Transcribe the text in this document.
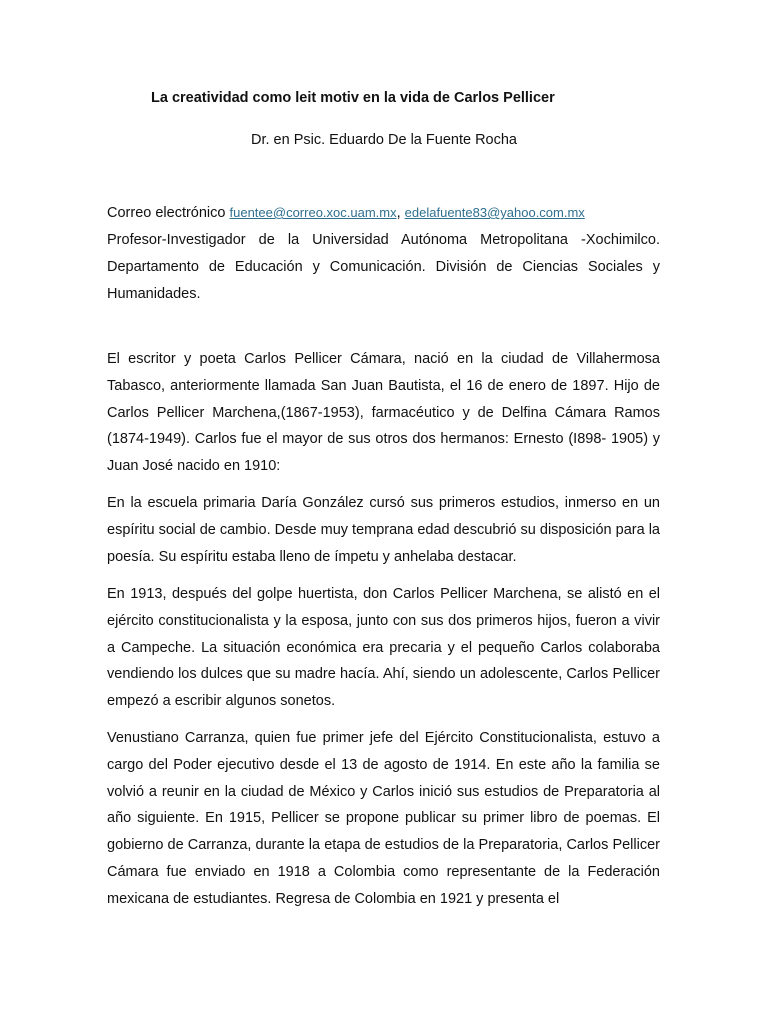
La creatividad como leit motiv en la vida de Carlos Pellicer

Dr. en Psic. Eduardo De la Fuente Rocha

Correo electrónico fuentee@correo.xoc.uam.mx, edelafuente83@yahoo.com.mx

Profesor-Investigador de la Universidad Autónoma Metropolitana -Xochimilco. Departamento de Educación y Comunicación. División de Ciencias Sociales y Humanidades.

El escritor y poeta Carlos Pellicer Cámara, nació en la ciudad de Villahermosa Tabasco, anteriormente llamada San Juan Bautista, el 16 de enero de 1897. Hijo de Carlos Pellicer Marchena,(1867-1953), farmacéutico y de Delfina Cámara Ramos (1874-1949). Carlos fue el mayor de sus otros dos hermanos: Ernesto (I898- 1905) y Juan José nacido en 1910:

En la escuela primaria Daría González cursó sus primeros estudios, inmerso en un espíritu social de cambio. Desde muy temprana edad descubrió su disposición para la poesía. Su espíritu estaba lleno de ímpetu y anhelaba destacar.

En 1913, después del golpe huertista, don Carlos Pellicer Marchena, se alistó en el ejército constitucionalista y la esposa, junto con sus dos primeros hijos, fueron a vivir a Campeche. La situación económica era precaria y el pequeño Carlos colaboraba vendiendo los dulces que su madre hacía. Ahí, siendo un adolescente, Carlos Pellicer empezó a escribir algunos sonetos.

Venustiano Carranza, quien fue primer jefe del Ejército Constitucionalista, estuvo a cargo del Poder ejecutivo desde el 13 de agosto de 1914. En este año la familia se volvió a reunir en la ciudad de México y Carlos inició sus estudios de Preparatoria al año siguiente. En 1915, Pellicer se propone publicar su primer libro de poemas. El gobierno de Carranza, durante la etapa de estudios de la Preparatoria, Carlos Pellicer Cámara fue enviado en 1918 a Colombia como representante de la Federación mexicana de estudiantes. Regresa de Colombia en 1921 y presenta el
